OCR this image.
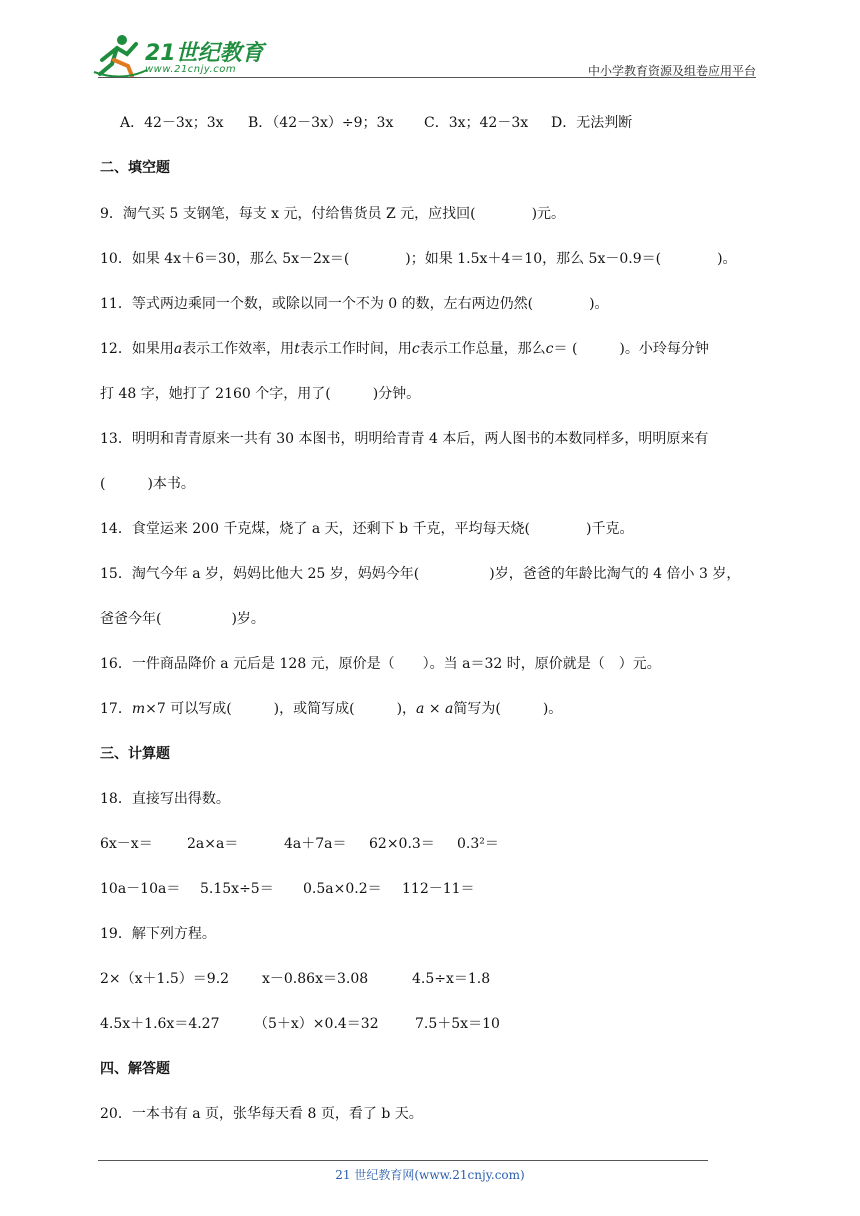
21世纪教育
www.21cnjy.com	中小学教育资源及组卷应用平台
A．42－3x；3x B．（42－3x）÷9；3x C．3x；42－3x D．无法判断
二、填空题
9．淘气买 5 支钢笔，每支 x 元，付给售货员 Z 元，应找回(　　　　)元。
10．如果 4x＋6＝30，那么 5x－2x＝(　　　　)；如果 1.5x＋4＝10，那么 5x－0.9＝(　　　　)。
11．等式两边乘同一个数，或除以同一个不为 0 的数，左右两边仍然(　　　　)。
12．如果用a表示工作效率，用t表示工作时间，用c表示工作总量，那么c＝ (　　　)。小玲每分钟
打 48 字，她打了 2160 个字，用了(　　　)分钟。
13．明明和青青原来一共有 30 本图书，明明给青青 4 本后，两人图书的本数同样多，明明原来有
(　　　)本书。
14．食堂运来 200 千克煤，烧了 a 天，还剩下 b 千克，平均每天烧(　　　　)千克。
15．淘气今年 a 岁，妈妈比他大 25 岁，妈妈今年(　　　　　)岁，爸爸的年龄比淘气的 4 倍小 3 岁，
爸爸今年(　　　　　)岁。
16．一件商品降价 a 元后是 128 元，原价是（　　）。当 a＝32 时，原价就是（　）元。
17．m×7 可以写成(　　　)，或简写成(　　　)，a × a简写为(　　　)。
三、计算题
18．直接写出得数。
6x－x＝ 2a×a＝	4a＋7a＝ 62×0.3＝ 0.3²＝
10a－10a＝ 5.15x÷5＝ 0.5a×0.2＝ 112－11＝
19．解下列方程。
2×（x＋1.5）＝9.2 x－0.86x＝3.08	4.5÷x＝1.8
4.5x＋1.6x＝4.27 （5＋x）×0.4＝32	7.5＋5x＝10
四、解答题
20．一本书有 a 页，张华每天看 8 页，看了 b 天。
21 世纪教育网(www.21cnjy.com)
